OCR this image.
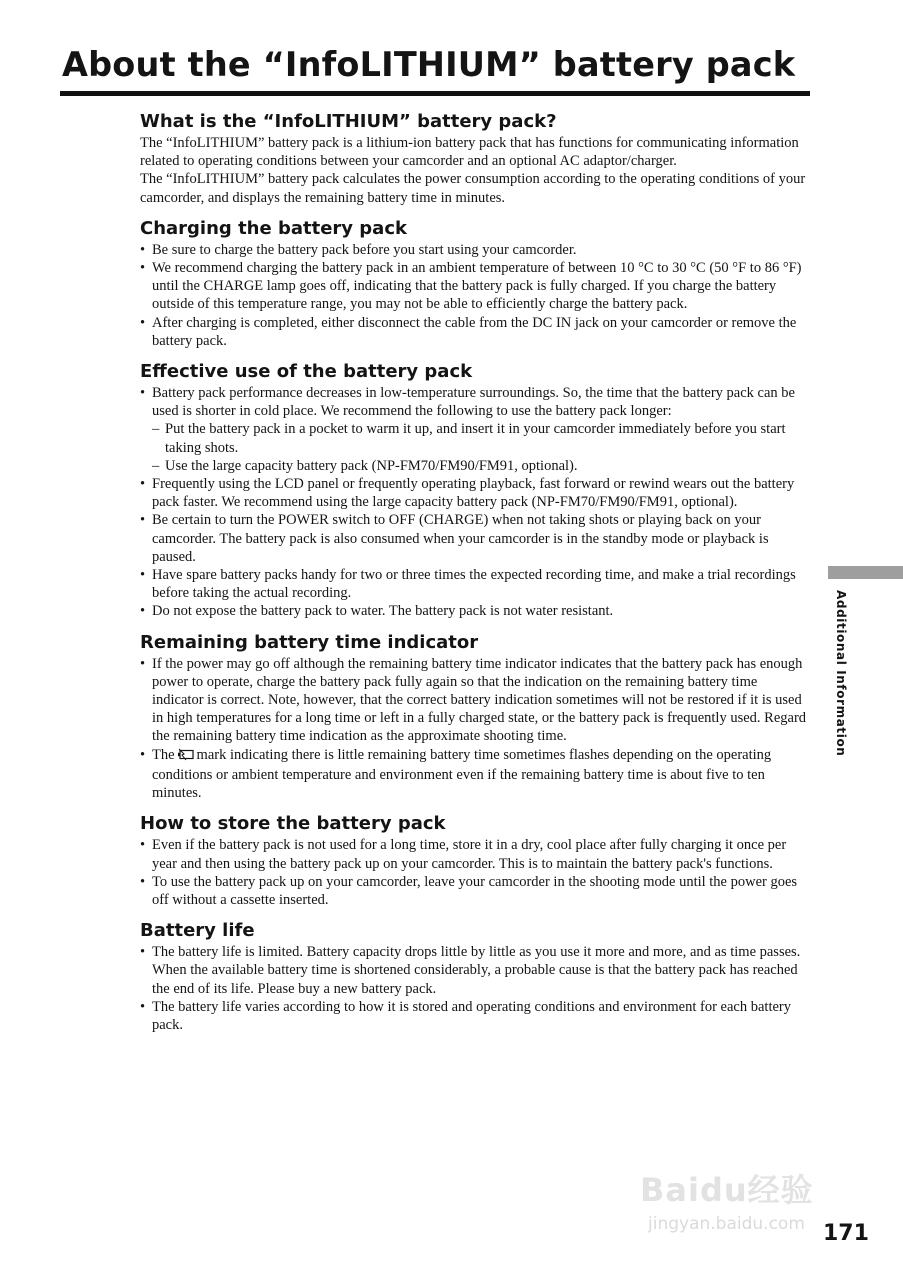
About the “InfoLITHIUM” battery pack
What is the “InfoLITHIUM” battery pack?

The “InfoLITHIUM” battery pack is a lithium-ion battery pack that has functions for communicating information related to operating conditions between your camcorder and an optional AC adaptor/charger.

The “InfoLITHIUM” battery pack calculates the power consumption according to the operating conditions of your camcorder, and displays the remaining battery time in minutes.

Charging the battery pack
• Be sure to charge the battery pack before you start using your camcorder.
• We recommend charging the battery pack in an ambient temperature of between 10 °C to 30 °C (50 °F to 86 °F) until the CHARGE lamp goes off, indicating that the battery pack is fully charged. If you charge the battery outside of this temperature range, you may not be able to efficiently charge the battery pack.
• After charging is completed, either disconnect the cable from the DC IN jack on your camcorder or remove the battery pack.
Effective use of the battery pack
• Battery pack performance decreases in low-temperature surroundings. So, the time that the battery pack can be used is shorter in cold place. We recommend the following to use the battery pack longer:
– Put the battery pack in a pocket to warm it up, and insert it in your camcorder immediately before you start taking shots.
– Use the large capacity battery pack (NP-FM70/FM90/FM91, optional).
• Frequently using the LCD panel or frequently operating playback, fast forward or rewind wears out the battery pack faster. We recommend using the large capacity battery pack (NP-FM70/FM90/FM91, optional).
• Be certain to turn the POWER switch to OFF (CHARGE) when not taking shots or playing back on your camcorder. The battery pack is also consumed when your camcorder is in the standby mode or playback is paused.
• Have spare battery packs handy for two or three times the expected recording time, and make a trial recordings before taking the actual recording.
• Do not expose the battery pack to water. The battery pack is not water resistant.
Remaining battery time indicator
• If the power may go off although the remaining battery time indicator indicates that the battery pack has enough power to operate, charge the battery pack fully again so that the indication on the remaining battery time indicator is correct. Note, however, that the correct battery indication sometimes will not be restored if it is used in high temperatures for a long time or left in a fully charged state, or the battery pack is frequently used. Regard the remaining battery time indication as the approximate shooting time.
• The mark indicating there is little remaining battery time sometimes flashes depending on the operating conditions or ambient temperature and environment even if the remaining battery time is about five to ten minutes.
How to store the battery pack
• Even if the battery pack is not used for a long time, store it in a dry, cool place after fully charging it once per year and then using the battery pack up on your camcorder. This is to maintain the battery pack's functions.
• To use the battery pack up on your camcorder, leave your camcorder in the shooting mode until the power goes off without a cassette inserted.
Battery life
• The battery life is limited. Battery capacity drops little by little as you use it more and more, and as time passes. When the available battery time is shortened considerably, a probable cause is that the battery pack has reached the end of its life. Please buy a new battery pack.
• The battery life varies according to how it is stored and operating conditions and environment for each battery pack.
Additional Information
Baidu经验
jingyan.baidu.com 171
